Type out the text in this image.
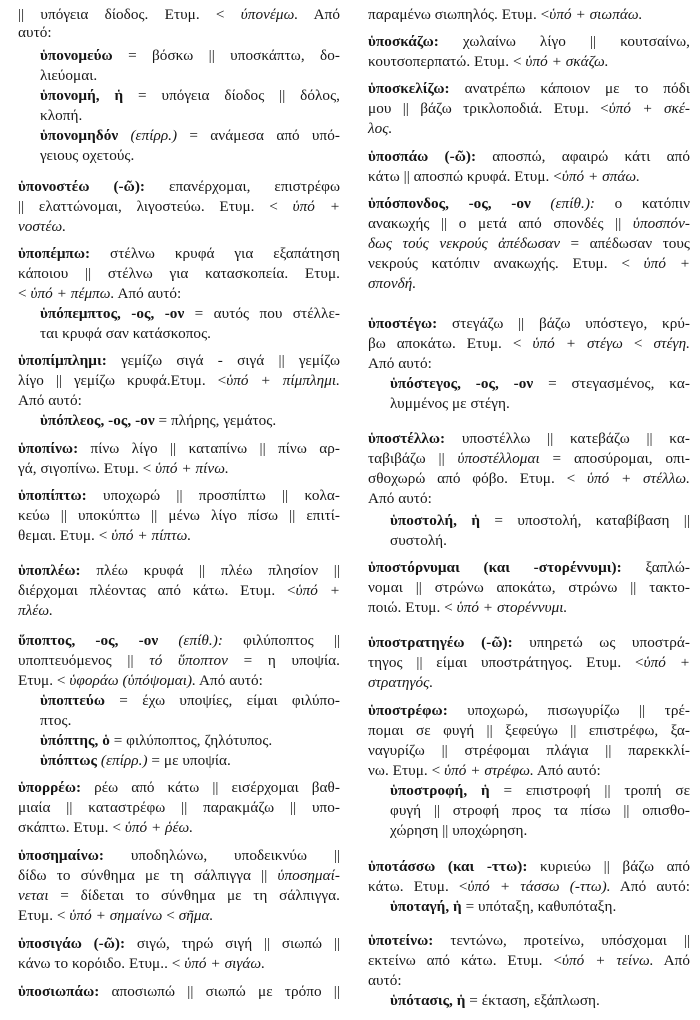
|| υπόγεια δίοδος. Ετυμ. < ύπονέμω. Από
αυτό:
ὑπονομεύω = βόσκω || υποσκάπτω, δο-
λιεύομαι.
ὑπονομή, ἡ = υπόγεια δίοδος || δόλος,
κλοπή.
ὑπονομηδόν (επίρρ.) = ανάμεσα από υπό-
γειους οχετούς.
ὑπονοστέω (-ῶ): επανέρχομαι, επιστρέφω
|| ελαττώνομαι, λιγοστεύω. Ετυμ. < ὑπό +
νοστέω.
ὑποπέμπω: στέλνω κρυφά για εξαπάτηση
κάποιου || στέλνω για κατασκοπεία. Ετυμ.
< ὑπό + πέμπω. Από αυτό:
ὑπόπεμπτος, -ος, -ον = αυτός που στέλλε-
ται κρυφά σαν κατάσκοπος.
ὑποπίμπλημι: γεμίζω σιγά - σιγά || γεμίζω
λίγο || γεμίζω κρυφά.Ετυμ. <ὑπό + πίμπλημι.
Από αυτό:
ὑπόπλεος, -ος, -ον = πλήρης, γεμάτος.
ὑποπίνω: πίνω λίγο || καταπίνω || πίνω αρ-
γά, σιγοπίνω. Ετυμ. < ὑπό + πίνω.
ὑποπίπτω: υποχωρώ || προσπίπτω || κολα-
κεύω || υποκύπτω || μένω λίγο πίσω || επιτί-
θεμαι. Ετυμ. < ὑπό + πίπτω.
ὑποπλέω: πλέω κρυφά || πλέω πλησίον ||
διέρχομαι πλέοντας από κάτω. Ετυμ. <ὑπό +
πλέω.
ὕποπτος, -ος, -ον (επίθ.): φιλύποπτος ||
υποπτευόμενος || τό ὕποπτον = η υποψία.
Ετυμ. < ὑφοράω (ὑπόψομαι). Από αυτό:
ὑποπτεύω = έχω υποψίες, είμαι φιλύπο-
πτος.
ὑπόπτης, ὁ = φιλύποπτος, ζηλότυπος.
ὑπόπτως (επίρρ.) = με υποψία.
ὑπορρέω: ρέω από κάτω || εισέρχομαι βαθ-
μιαία || καταστρέφω || παρακμάζω || υπο-
σκάπτω. Ετυμ. < ὑπό + ῥέω.
ὑποσημαίνω: υποδηλώνω, υποδεικνύω ||
δίδω το σύνθημα με τη σάλπιγγα || ὑποσημαί-
νεται = δίδεται το σύνθημα με τη σάλπιγγα.
Ετυμ. < ὑπό + σημαίνω < σῆμα.
ὑποσιγάω (-ῶ): σιγώ, τηρώ σιγή || σιωπώ ||
κάνω το κορόιδο. Ετυμ.. < ὑπό + σιγάω.
ὑποσιωπάω: αποσιωπώ || σιωπώ με τρόπο ||
παραμένω σιωπηλός. Ετυμ. <ὑπό + σιωπάω.
ὑποσκάζω: χωλαίνω λίγο || κουτσαίνω,
κουτσοπερπατώ. Ετυμ. < ὑπό + σκάζω.
ὑποσκελίζω: ανατρέπω κάποιον με το πόδι
μου || βάζω τρικλοποδιά. Ετυμ. <ὑπό + σκέ-
λος.
ὑποσπάω (-ῶ): αποσπώ, αφαιρώ κάτι από
κάτω || αποσπώ κρυφά. Ετυμ. <ὑπό + σπάω.
ὑπόσπονδος, -ος, -ον (επίθ.): ο κατόπιν
ανακωχής || ο μετά από σπονδές || ὑποσπόν-
δως τούς νεκρούς ἀπέδωσαν = απέδωσαν τους
νεκρούς κατόπιν ανακωχής. Ετυμ. < ὑπό +
σπονδή.
ὑποστέγω: στεγάζω || βάζω υπόστεγο, κρύ-
βω αποκάτω. Ετυμ. < ὑπό + στέγω < στέγη.
Από αυτό:
ὑπόστεγος, -ος, -ον = στεγασμένος, κα-
λυμμένος με στέγη.
ὑποστέλλω: υποστέλλω || κατεβάζω || κα-
ταβιβάζω || ὑποστέλλομαι = αποσύρομαι, οπι-
σθοχωρώ από φόβο. Ετυμ. < ὑπό + στέλλω.
Από αυτό:
ὑποστολή, ἡ = υποστολή, καταβίβαση ||
συστολή.
ὑποστόρνυμαι (και -στορέννυμι): ξαπλώ-
νομαι || στρώνω αποκάτω, στρώνω || τακτο-
ποιώ. Ετυμ. < ὑπό + στορέννυμι.
ὑποστρατηγέω (-ῶ): υπηρετώ ως υποστρά-
τηγος || είμαι υποστράτηγος. Ετυμ. <ὑπό +
στρατηγός.
ὑποστρέφω: υποχωρώ, πισωγυρίζω || τρέ-
πομαι σε φυγή || ξεφεύγω || επιστρέφω, ξα-
ναγυρίζω || στρέφομαι πλάγια || παρεκκλί-
νω. Ετυμ. < ὑπό + στρέφω. Από αυτό:
ὑποστροφή, ἡ = επιστροφή || τροπή σε
φυγή || στροφή προς τα πίσω || οπισθο-
χώρηση || υποχώρηση.
ὑποτάσσω (και -ττω): κυριεύω || βάζω από
κάτω. Ετυμ. <ὑπό + τάσσω (-ττω). Από αυτό:
ὑποταγή, ἡ = υπόταξη, καθυπόταξη.
ὑποτείνω: τεντώνω, προτείνω, υπόσχομαι ||
εκτείνω από κάτω. Ετυμ. <ὑπό + τείνω. Από
αυτό:
ὑπότασις, ἡ = έκταση, εξάπλωση.
